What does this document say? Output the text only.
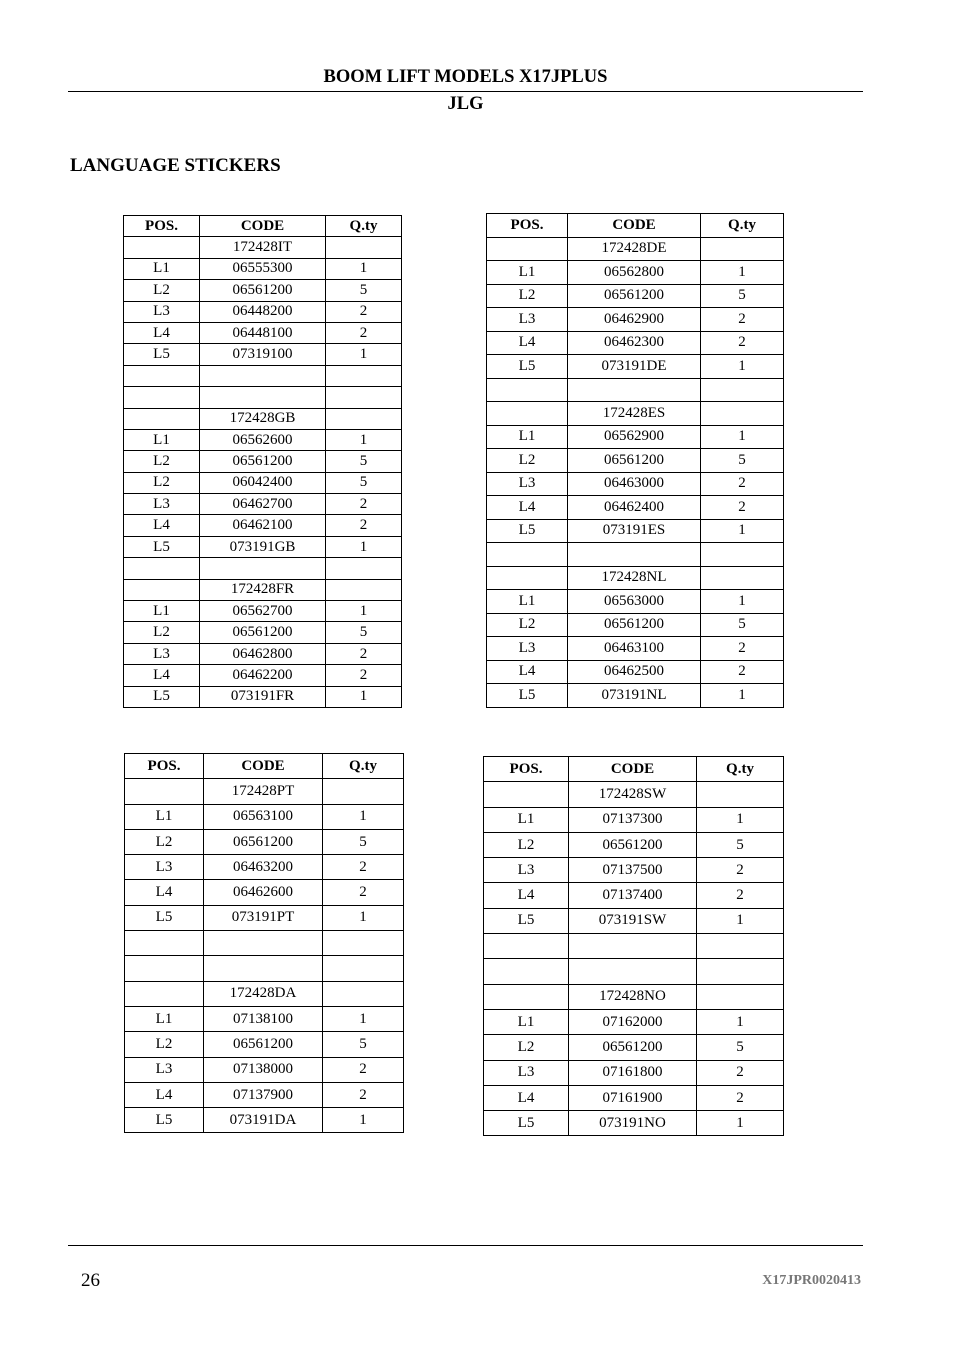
BOOM LIFT MODELS X17JPLUS
JLG
LANGUAGE STICKERS
POS.	CODE	Q.ty
	172428IT	
L1	06555300	1
L2	06561200	5
L3	06448200	2
L4	06448100	2
L5	07319100	1

	172428GB	
L1	06562600	1
L2	06561200	5
L2	06042400	5
L3	06462700	2
L4	06462100	2
L5	073191GB	1

	172428FR	
L1	06562700	1
L2	06561200	5
L3	06462800	2
L4	06462200	2
L5	073191FR	1
POS.	CODE	Q.ty
	172428DE	
L1	06562800	1
L2	06561200	5
L3	06462900	2
L4	06462300	2
L5	073191DE	1

	172428ES	
L1	06562900	1
L2	06561200	5
L3	06463000	2
L4	06462400	2
L5	073191ES	1

	172428NL	
L1	06563000	1
L2	06561200	5
L3	06463100	2
L4	06462500	2
L5	073191NL	1
POS.	CODE	Q.ty
	172428PT	
L1	06563100	1
L2	06561200	5
L3	06463200	2
L4	06462600	2
L5	073191PT	1

	172428DA	
L1	07138100	1
L2	06561200	5
L3	07138000	2
L4	07137900	2
L5	073191DA	1
POS.	CODE	Q.ty
	172428SW	
L1	07137300	1
L2	06561200	5
L3	07137500	2
L4	07137400	2
L5	073191SW	1

	172428NO	
L1	07162000	1
L2	06561200	5
L3	07161800	2
L4	07161900	2
L5	073191NO	1
26	X17JPR0020413
